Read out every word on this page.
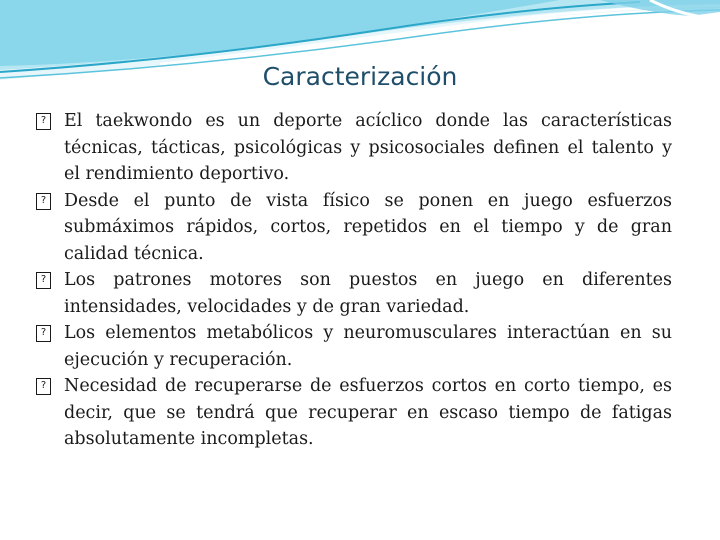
Caracterización

? El taekwondo es un deporte acíclico donde las características técnicas, tácticas, psicológicas y psicosociales definen el talento y el rendimiento deportivo.

? Desde el punto de vista físico se ponen en juego esfuerzos submáximos rápidos, cortos, repetidos en el tiempo y de gran calidad técnica.

? Los patrones motores son puestos en juego en diferentes intensidades, velocidades y de gran variedad.

? Los elementos metabólicos y neuromusculares interactúan en su ejecución y recuperación.

? Necesidad de recuperarse de esfuerzos cortos en corto tiempo, es decir, que se tendrá que recuperar en escaso tiempo de fatigas absolutamente incompletas.
